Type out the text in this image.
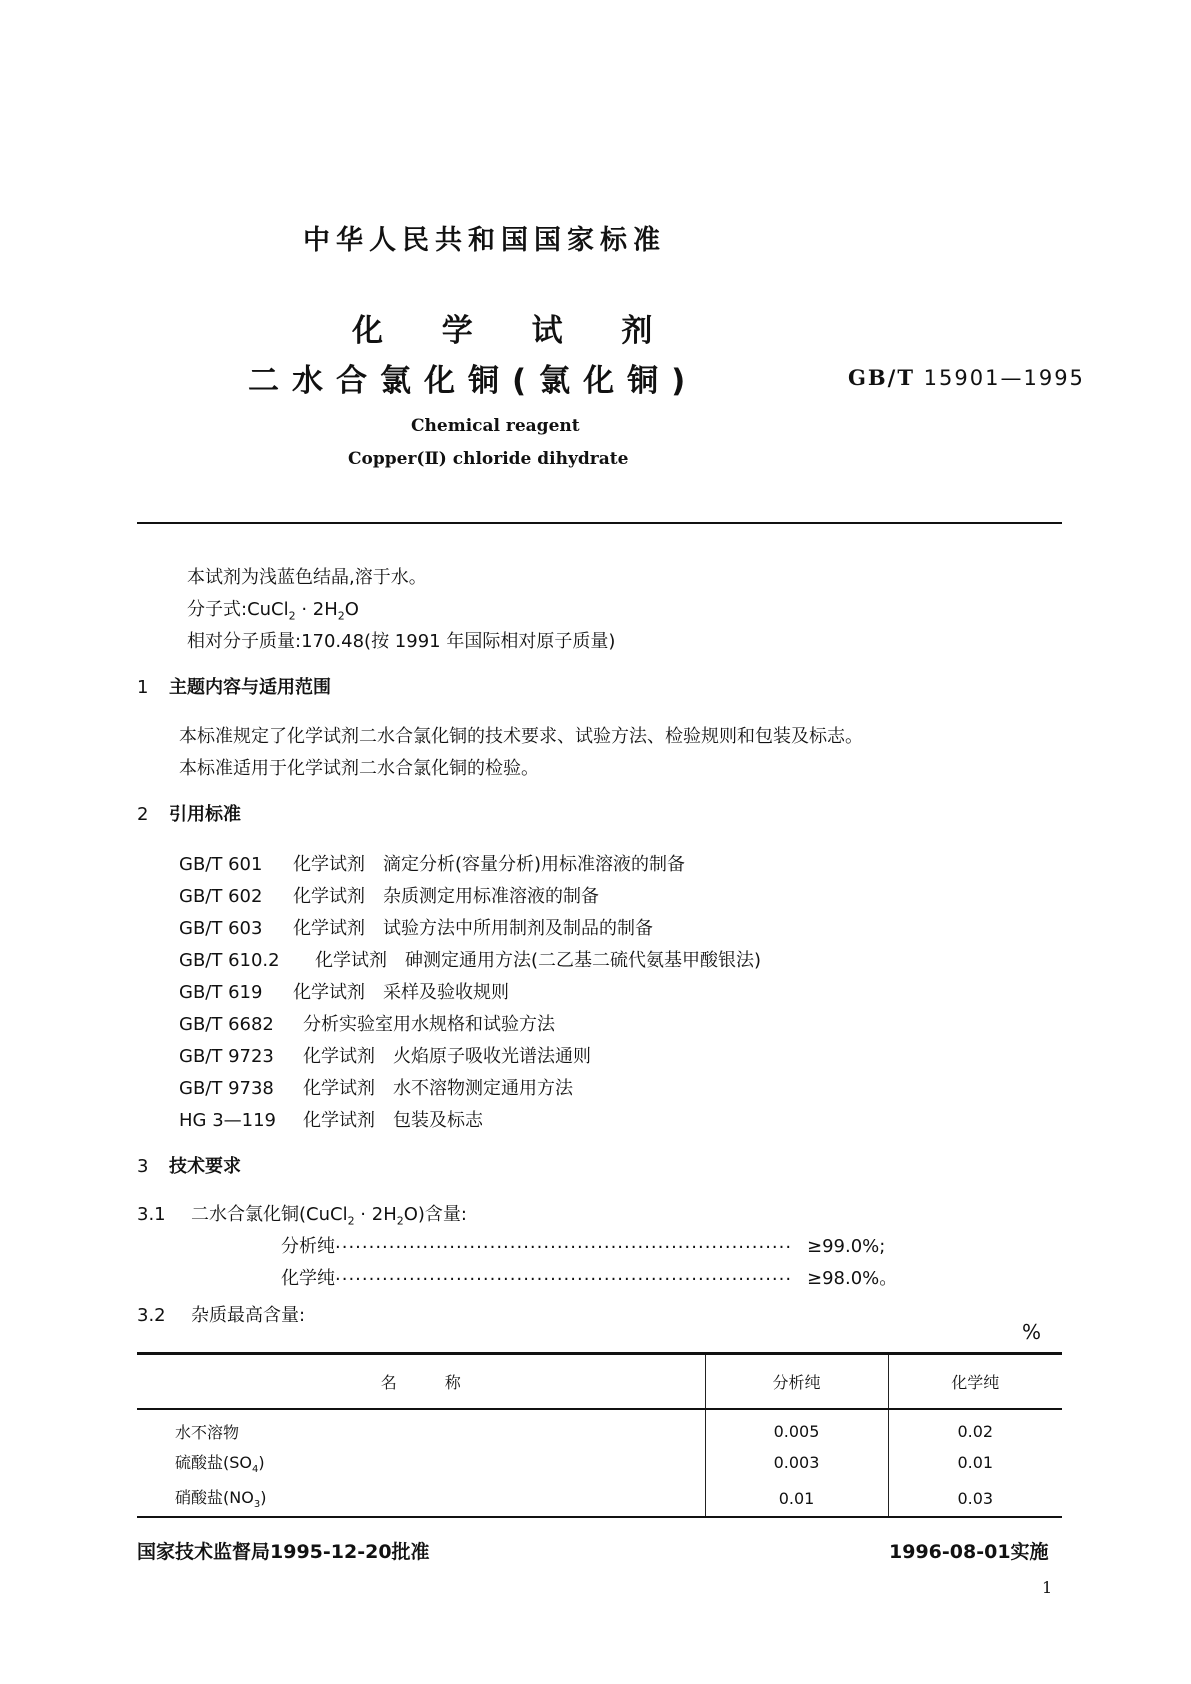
中华人民共和国国家标准
化 学 试 剂
二水合氯化铜(氯化铜)	GB/T 15901—1995
Chemical reagent
Copper(Ⅱ) chloride dihydrate
本试剂为浅蓝色结晶,溶于水。
分子式:CuCl$_2$ · $2H_2O$
相对分子质量:170.48(按 1991 年国际相对原子质量)
1 主题内容与适用范围
本标准规定了化学试剂二水合氯化铜的技术要求、试验方法、检验规则和包装及标志。
本标准适用于化学试剂二水合氯化铜的检验。
2 引用标准
GB/T 601 化学试剂　滴定分析(容量分析)用标准溶液的制备
GB/T 602 化学试剂　杂质测定用标准溶液的制备
GB/T 603 化学试剂　试验方法中所用制剂及制品的制备
GB/T 610.2 化学试剂　砷测定通用方法(二乙基二硫代氨基甲酸银法)
GB/T 619 化学试剂　采样及验收规则
GB/T 6682 分析实验室用水规格和试验方法
GB/T 9723 化学试剂　火焰原子吸收光谱法通则
GB/T 9738 化学试剂　水不溶物测定通用方法
HG 3—119 化学试剂　包装及标志
3 技术要求
3.1 二水合氯化铜(CuCl$_2$ · $2H_2O$)含量:
分析纯···································································· ≥99.0%;
化学纯···································································· ≥98.0%。
3.2 杂质最高含量:
%
名　　　称	分析纯	化学纯
水不溶物	0.005	0.02
硫酸盐$(SO_4)$	0.003	0.01
硝酸盐$(NO_3)$	0.01	0.03
国家技术监督局1995-12-20批准	1996-08-01实施
1
